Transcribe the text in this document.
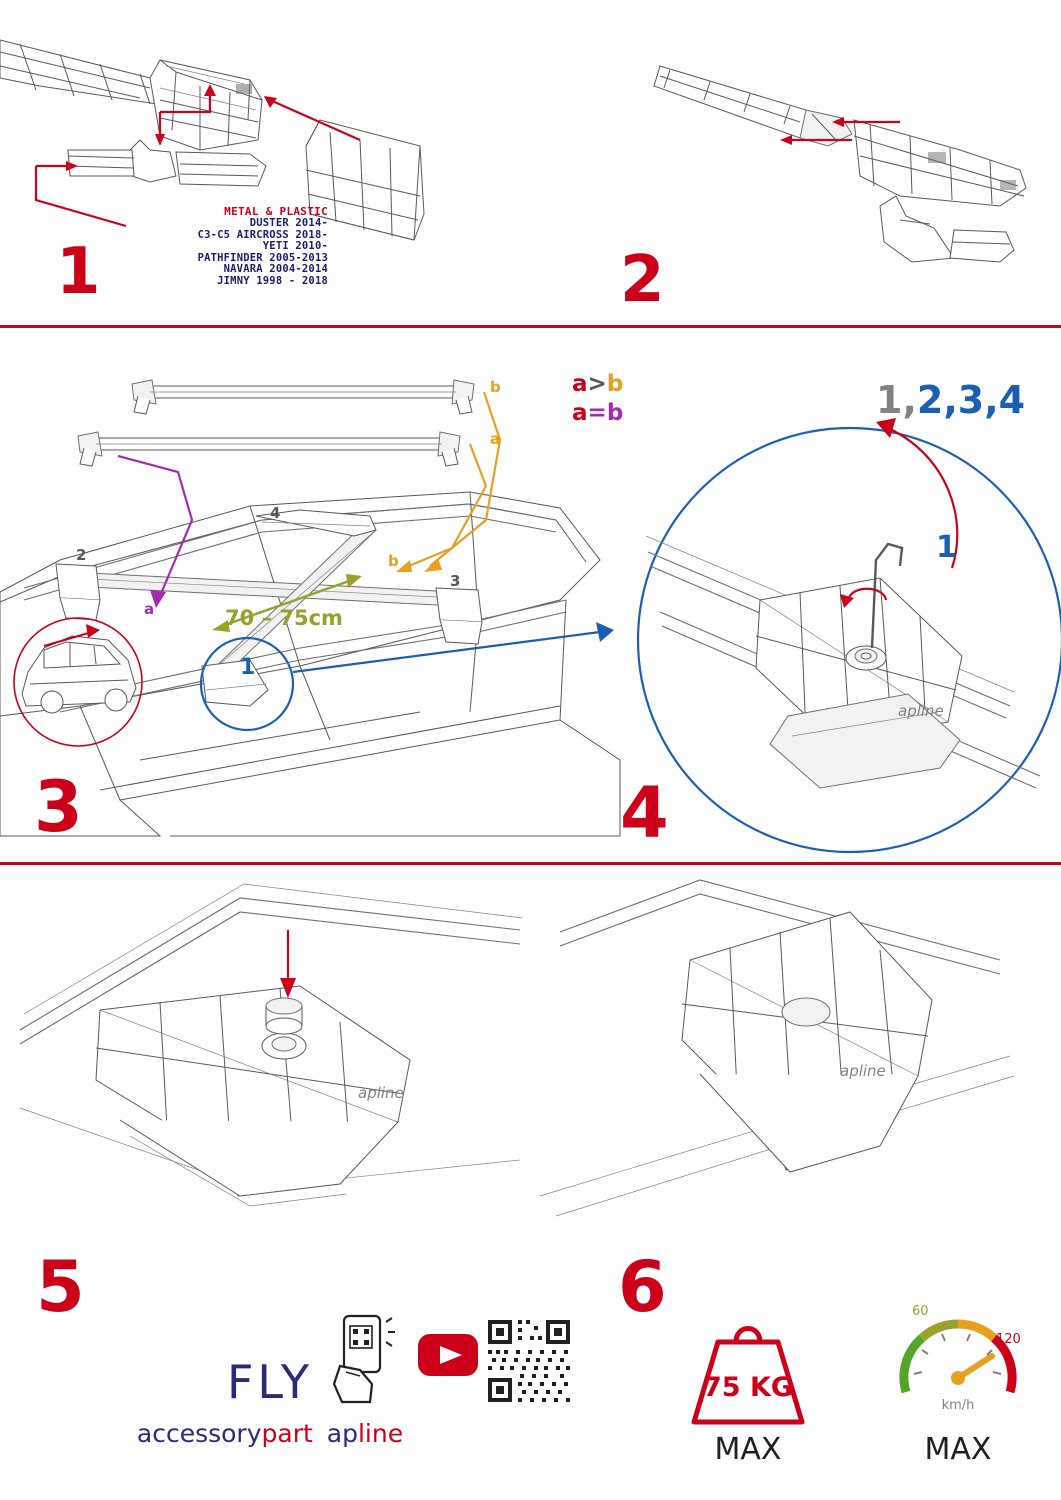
METAL & PLASTIC
DUSTER 2014-
C3-C5 AIRCROSS 2018-
YETI 2010-
PATHFINDER 2005-2013
NAVARA 2004-2014
JIMNY 1998 - 2018
1	2
b
a
b
a
2
4
3
1
70 – 75cm
a>b
a=b
3
apline
1,2,3,4
1
4
apline
apline
5	6
FLY
accessorypart apline
75 KG
MAX
60
120
km/h
MAX
